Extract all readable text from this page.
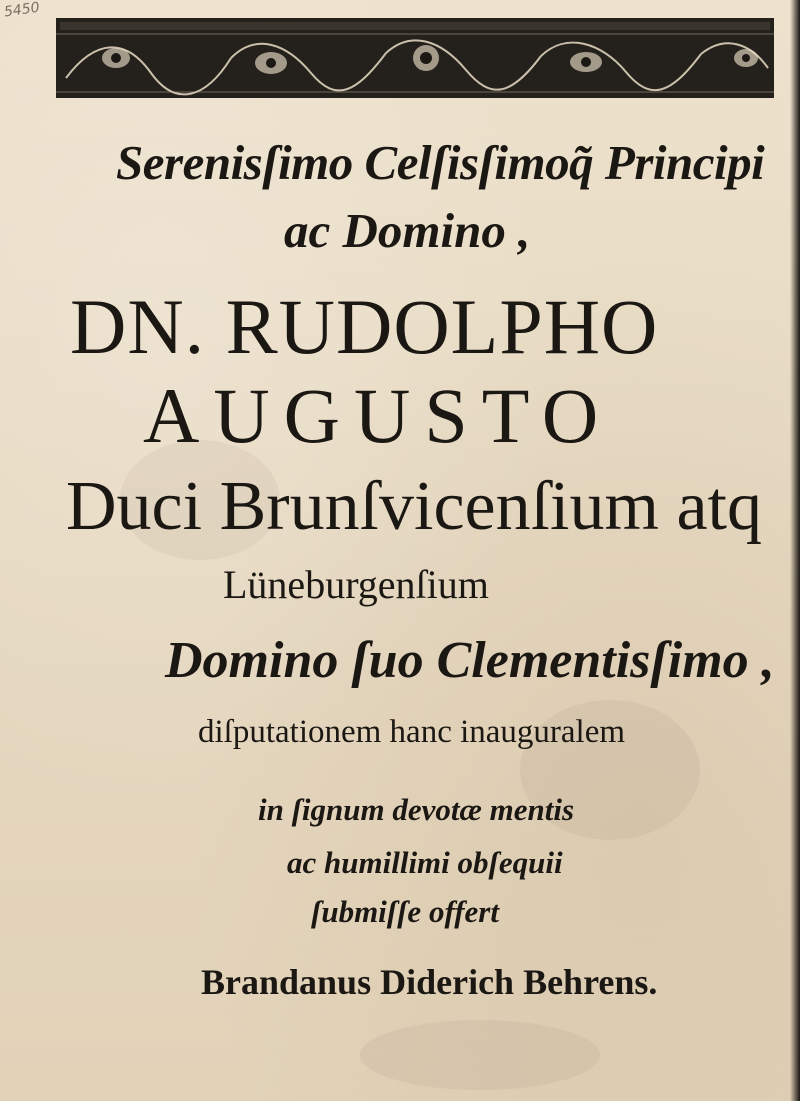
5450

Serenisſimo Celſisſimoq̃ Principi

ac Domino ,

DN. RUDOLPHO

AUGUSTO

Duci Brunſvicenſium atq

Lüneburgenſium

Domino ſuo Clementisſimo ,

diſputationem hanc inauguralem

in ſignum devotæ mentis

ac humillimi obſequii

ſubmiſſe offert

Brandanus Diderich Behrens.
